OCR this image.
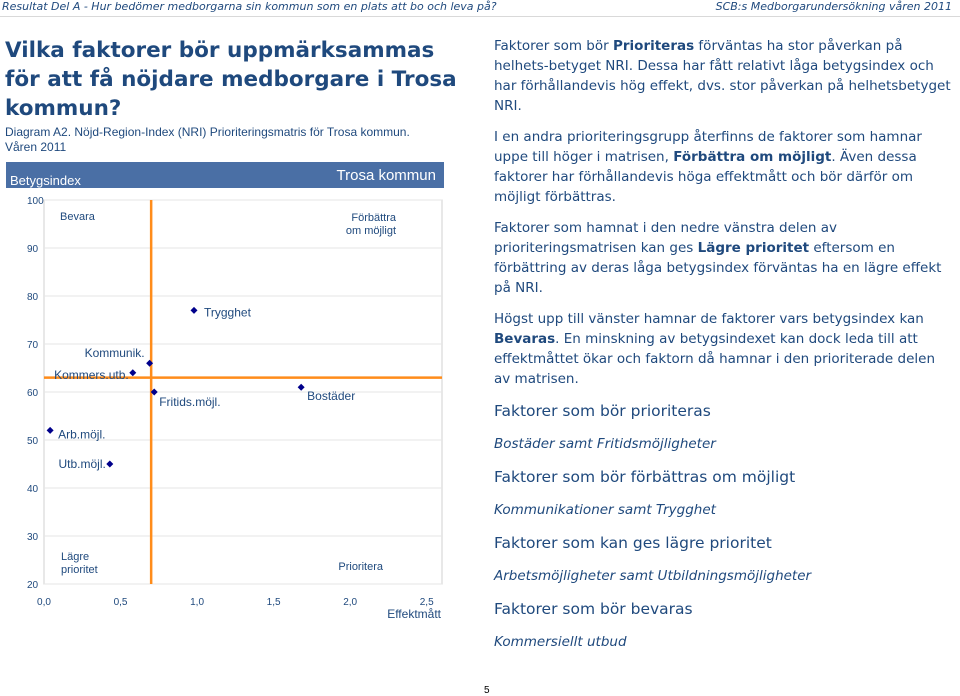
Resultat Del A - Hur bedömer medborgarna sin kommun som en plats att bo och leva på?	SCB:s Medborgarundersökning våren 2011
Vilka faktorer bör uppmärksammas för att få nöjdare medborgare i Trosa kommun?
Diagram A2. Nöjd-Region-Index (NRI) Prioriteringsmatris för Trosa kommun.
Våren 2011
Trosa kommun
Betygsindex
20
30
40
50
60
70
80
90
100
0,0	0,5	1,0	1,5	2,0	2,5
Effektmått
Bevara	Förbättra
om möjligt
Lägre
prioritet	Prioritera
Trygghet
Kommunik.
Kommers.utb.
Fritids.möjl.	Bostäder
Arb.möjl.
Utb.möjl.

Faktorer som bör Prioriteras förväntas ha stor påverkan på helhets-betyget NRI. Dessa har fått relativt låga betygsindex och har förhållandevis hög effekt, dvs. stor påverkan på helhetsbetyget NRI.

I en andra prioriteringsgrupp återfinns de faktorer som hamnar uppe till höger i matrisen, Förbättra om möjligt. Även dessa faktorer har förhållandevis höga effektmått och bör därför om möjligt förbättras.

Faktorer som hamnat i den nedre vänstra delen av prioriteringsmatrisen kan ges Lägre prioritet eftersom en förbättring av deras låga betygsindex förväntas ha en lägre effekt på NRI.

Högst upp till vänster hamnar de faktorer vars betygsindex kan Bevaras. En minskning av betygsindexet kan dock leda till att effektmåttet ökar och faktorn då hamnar i den prioriterade delen av matrisen.

Faktorer som bör prioriteras
Bostäder samt Fritidsmöjligheter
Faktorer som bör förbättras om möjligt
Kommunikationer samt Trygghet
Faktorer som kan ges lägre prioritet
Arbetsmöjligheter samt Utbildningsmöjligheter
Faktorer som bör bevaras
Kommersiellt utbud
5
